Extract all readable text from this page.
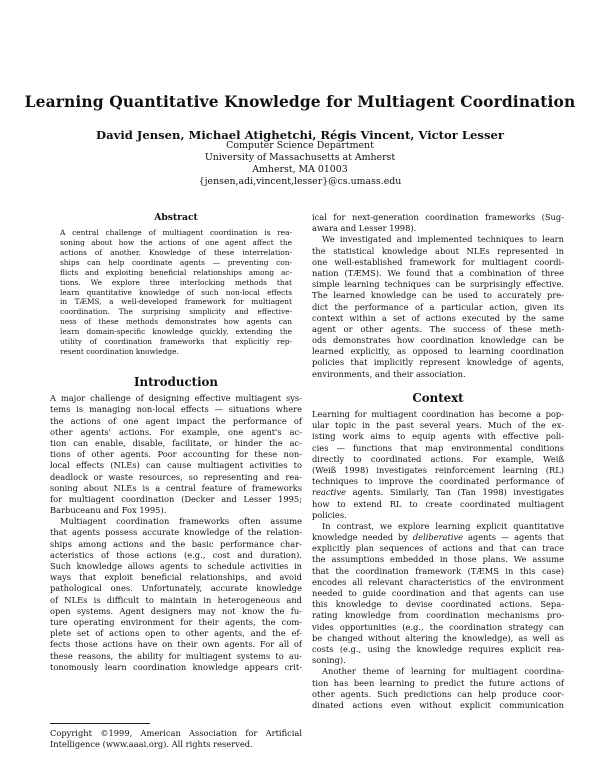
Learning Quantitative Knowledge for Multiagent Coordination
David Jensen, Michael Atighetchi, Régis Vincent, Victor Lesser
Computer Science Department
University of Massachusetts at Amherst
Amherst, MA 01003
{jensen,adi,vincent,lesser}@cs.umass.edu
Abstract
A central challenge of multiagent coordination is rea-
soning about how the actions of one agent affect the
actions of another. Knowledge of these interrelation-
ships can help coordinate agents — preventing con-
flicts and exploiting beneficial relationships among ac-
tions. We explore three interlocking methods that
learn quantitative knowledge of such non-local effects
in TÆMS, a well-developed framework for multiagent
coordination. The surprising simplicity and effective-
ness of these methods demonstrates how agents can
learn domain-specific knowledge quickly, extending the
utility of coordination frameworks that explicitly rep-
resent coordination knowledge.
Introduction
A major challenge of designing effective multiagent sys-
tems is managing non-local effects — situations where
the actions of one agent impact the performance of
other agents' actions. For example, one agent's ac-
tion can enable, disable, facilitate, or hinder the ac-
tions of other agents. Poor accounting for these non-
local effects (NLEs) can cause multiagent activities to
deadlock or waste resources, so representing and rea-
soning about NLEs is a central feature of frameworks
for multiagent coordination (Decker and Lesser 1995;
Barbuceanu and Fox 1995).
Multiagent coordination frameworks often assume
that agents possess accurate knowledge of the relation-
ships among actions and the basic performance char-
acteristics of those actions (e.g., cost and duration).
Such knowledge allows agents to schedule activities in
ways that exploit beneficial relationships, and avoid
pathological ones. Unfortunately, accurate knowledge
of NLEs is difficult to maintain in heterogeneous and
open systems. Agent designers may not know the fu-
ture operating environment for their agents, the com-
plete set of actions open to other agents, and the ef-
fects those actions have on their own agents. For all of
these reasons, the ability for multiagent systems to au-
tonomously learn coordination knowledge appears crit-
Copyright ©1999, American Association for Artificial
Intelligence (www.aaai.org). All rights reserved.
ical for next-generation coordination frameworks (Sug-
awara and Lesser 1998).
We investigated and implemented techniques to learn
the statistical knowledge about NLEs represented in
one well-established framework for multiagent coordi-
nation (TÆMS). We found that a combination of three
simple learning techniques can be surprisingly effective.
The learned knowledge can be used to accurately pre-
dict the performance of a particular action, given its
context within a set of actions executed by the same
agent or other agents. The success of these meth-
ods demonstrates how coordination knowledge can be
learned explicitly, as opposed to learning coordination
policies that implicitly represent knowledge of agents,
environments, and their association.
Context
Learning for multiagent coordination has become a pop-
ular topic in the past several years. Much of the ex-
isting work aims to equip agents with effective poli-
cies — functions that map environmental conditions
directly to coordinated actions. For example, Weiß
(Weiß 1998) investigates reinforcement learning (RL)
techniques to improve the coordinated performance of
reactive agents. Similarly, Tan (Tan 1998) investigates
how to extend RL to create coordinated multiagent
policies.
In contrast, we explore learning explicit quantitative
knowledge needed by deliberative agents — agents that
explicitly plan sequences of actions and that can trace
the assumptions embedded in those plans. We assume
that the coordination framework (TÆMS in this case)
encodes all relevant characteristics of the environment
needed to guide coordination and that agents can use
this knowledge to devise coordinated actions. Sepa-
rating knowledge from coordination mechanisms pro-
vides opportunities (e.g., the coordination strategy can
be changed without altering the knowledge), as well as
costs (e.g., using the knowledge requires explicit rea-
soning).
Another theme of learning for multiagent coordina-
tion has been learning to predict the future actions of
other agents. Such predictions can help produce coor-
dinated actions even without explicit communication
